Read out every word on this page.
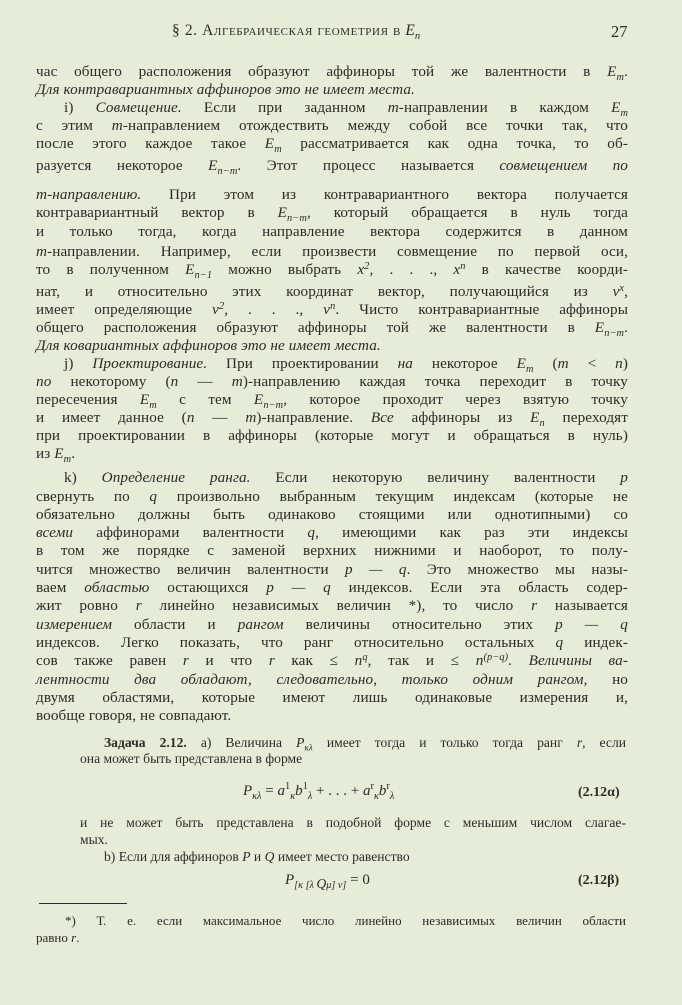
§ 2. Алгебраическая геометрия в $E_n$	27
час общего расположения образуют аффиноры той же валентности в $E_m$.
Для контравариантных аффиноров это не имеет места.
i) Совмещение. Если при заданном m-направлении в каждом $E_m$
с этим m-направлением отождествить между собой все точки так, что
после этого каждое такое $E_m$ рассматривается как одна точка, то об-
разуется некоторое $E_{n-m}$. Этот процесс называется совмещением по
m-направлению. При этом из контравариантного вектора получается
контравариантный вектор в $E_{n-m}$, который обращается в нуль тогда
и только тогда, когда направление вектора содержится в данном
m-направлении. Например, если произвести совмещение по первой оси,
то в полученном $E_{n-1}$ можно выбрать $x^2$, . . ., $x^n$ в качестве коорди-
нат, и относительно этих координат вектор, получающийся из $v^x$,
имеет определяющие $v^2$, . . ., $v^n$. Чисто контравариантные аффиноры
общего расположения образуют аффиноры той же валентности в $E_{n-m}$.
Для ковариантных аффиноров это не имеет места.
j) Проектирование. При проектировании на некоторое $E_m$ (m < n)
по некоторому (n — m)-направлению каждая точка переходит в точку
пересечения $E_m$ с тем $E_{n-m}$, которое проходит через взятую точку
и имеет данное (n — m)-направление. Все аффиноры из $E_n$ переходят
при проектировании в аффиноры (которые могут и обращаться в нуль)
из $E_m$.
k) Определение ранга. Если некоторую величину валентности p
свернуть по q произвольно выбранным текущим индексам (которые не
обязательно должны быть одинаково стоящими или однотипными) со
всеми аффинорами валентности q, имеющими как раз эти индексы
в том же порядке с заменой верхних нижними и наоборот, то полу-
чится множество величин валентности p — q. Это множество мы назы-
ваем областью остающихся p — q индексов. Если эта область содер-
жит ровно r линейно независимых величин *), то число r называется
измерением области и рангом величины относительно этих p — q
индексов. Легко показать, что ранг относительно остальных q индек-
сов также равен r и что r как ≤ $n^q$, так $и \le n^{(p-q)}$. Величины ва-
лентности два обладают, следовательно, только одним рангом, но
двумя областями, которые имеют лишь одинаковые измерения и,
вообще говоря, не совпадают.
Задача 2.12. a) Величина $P_{\kappa\lambda}$ имеет тогда и только тогда ранг r, если
она может быть представлена в форме
и не может быть представлена в подобной форме с меньшим числом слагае-
мых.
b) Если для аффиноров P и Q имеет место равенство
$P_{\kappa\lambda} = a^1_\kappa b^1_\lambda$ + . . . + $a^r_\kappa b^r_\lambda$	(2.12α)
$P_{[\kappa [\lambda}$ $Q_{\mu] \nu]} = 0$	(2.12β)
*) Т. е. если максимальное число линейно независимых величин области
равно r.
